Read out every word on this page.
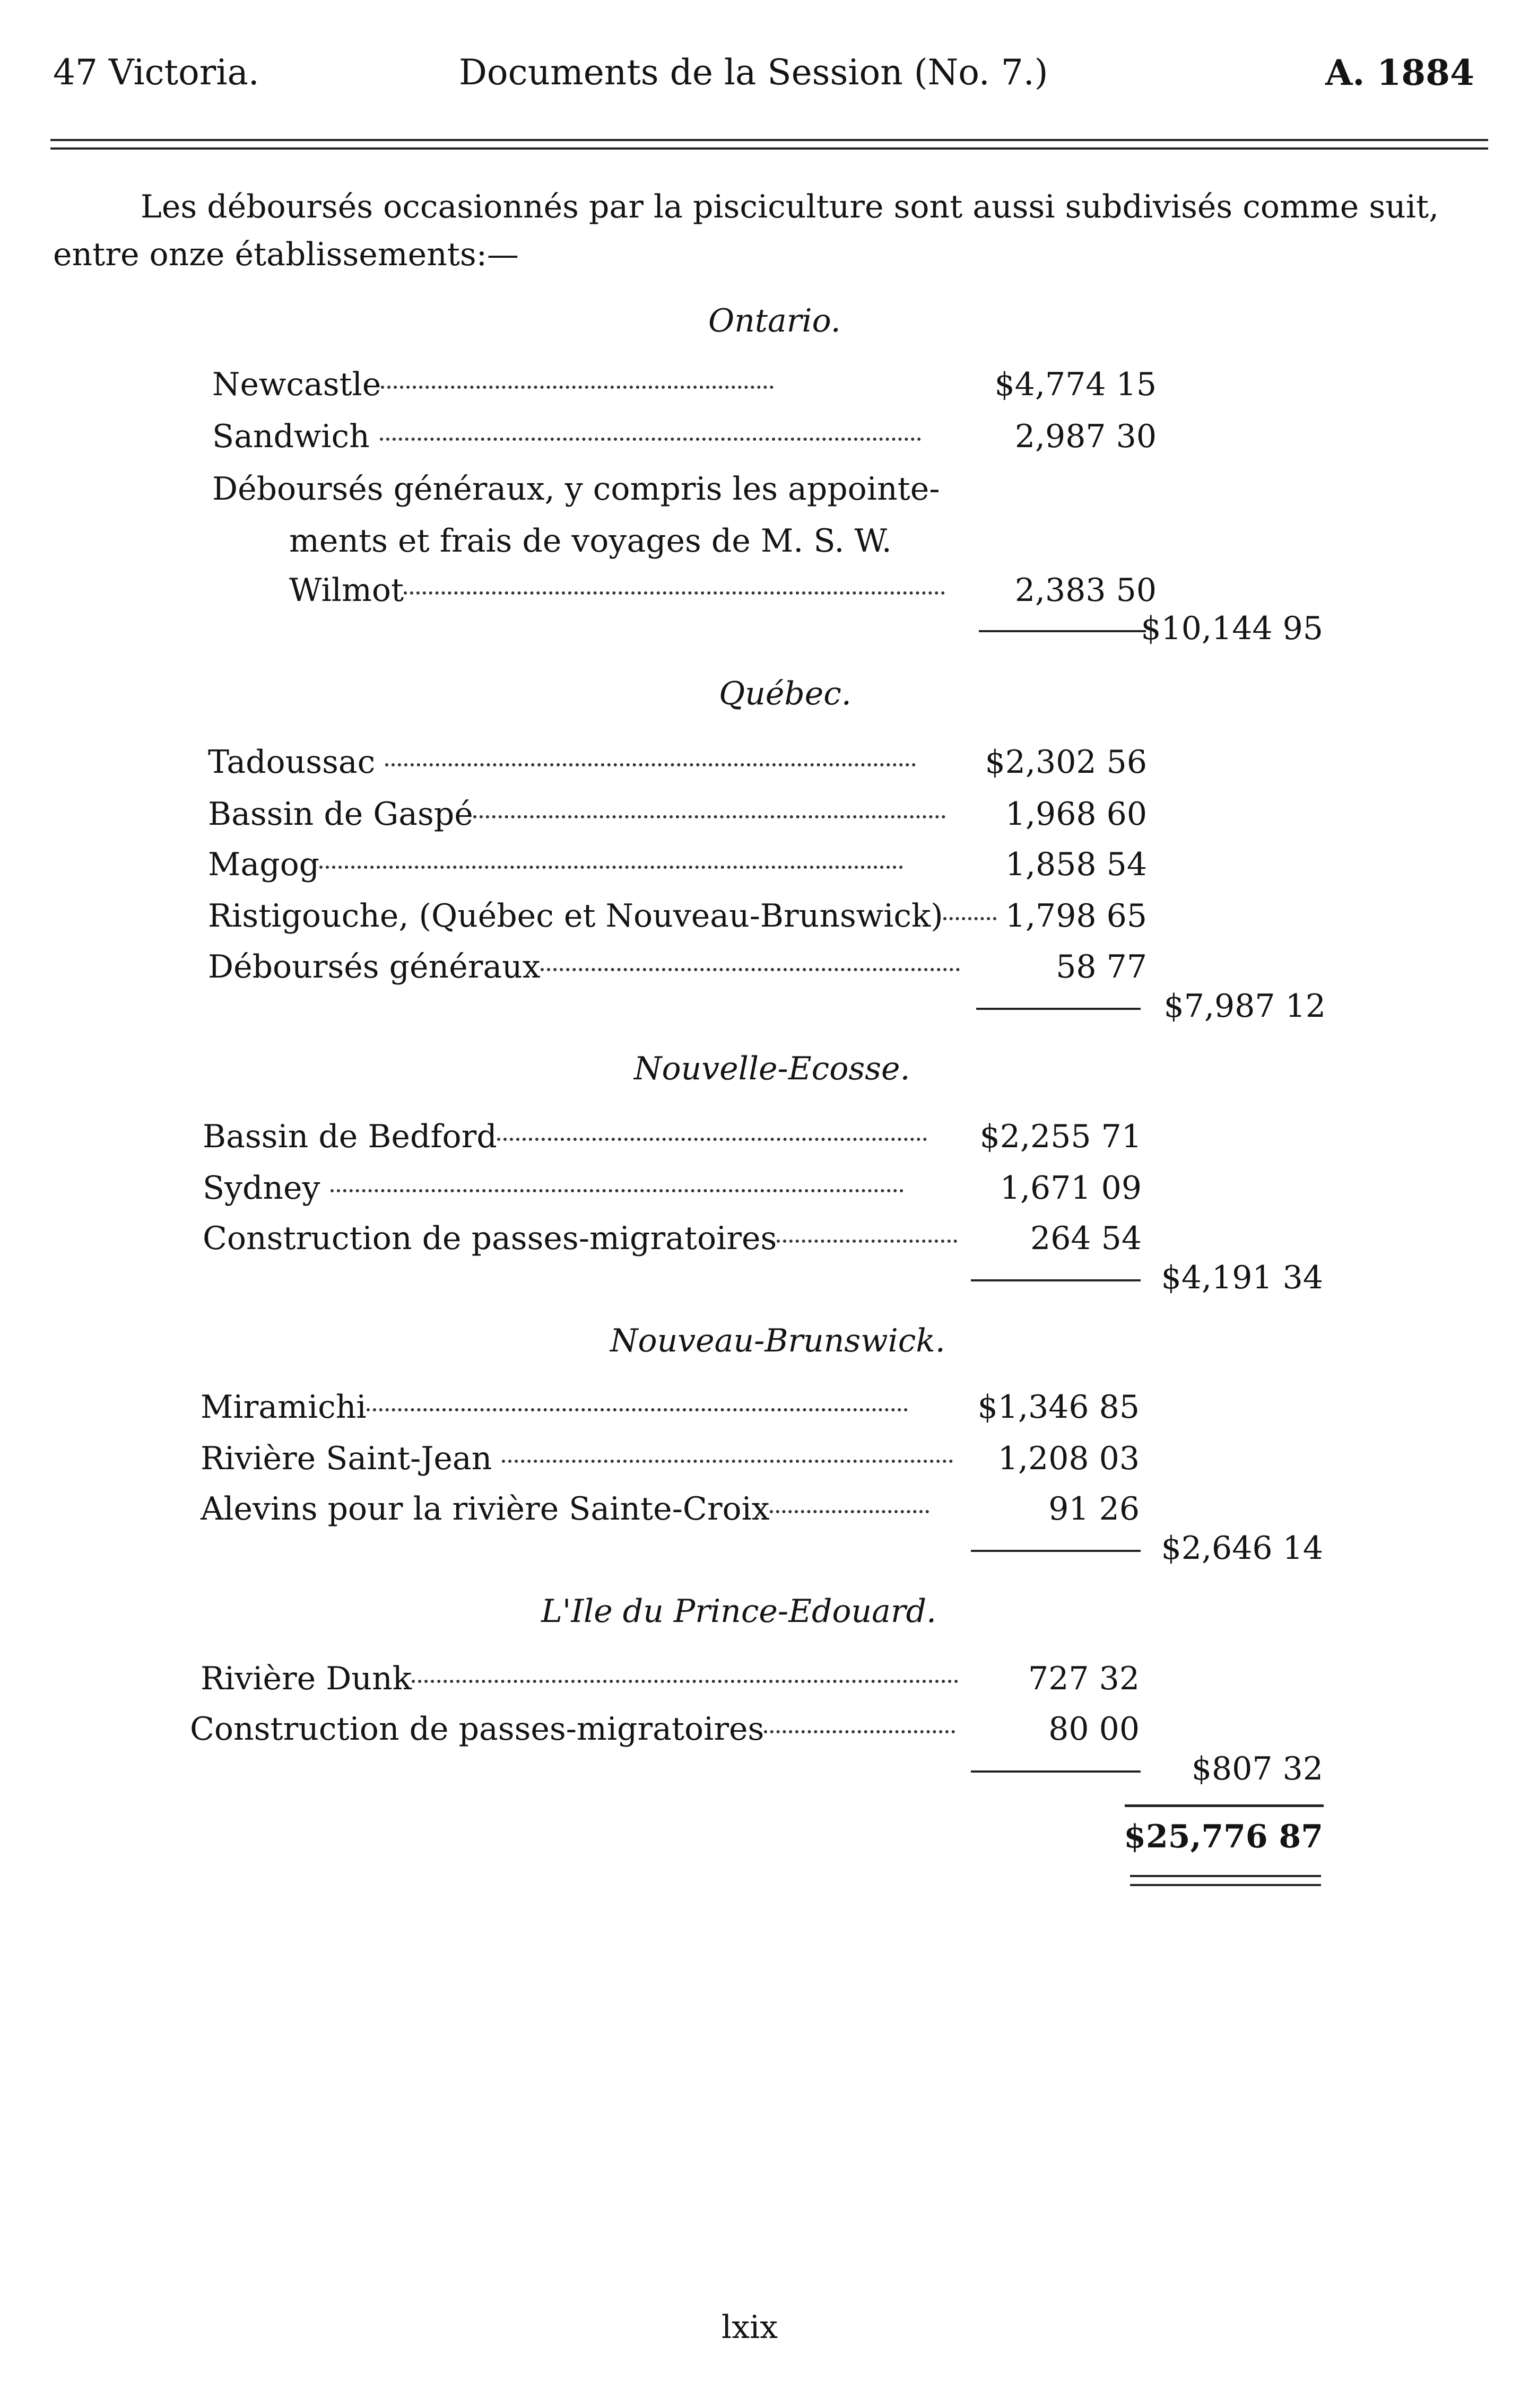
47 Victoria.	Documents de la Session (No. 7.)	A. 1884
Les déboursés occasionnés par la pisciculture sont aussi subdivisés comme suit,
entre onze établissements:—
Ontario.
Newcastle	$4,774 15
Sandwich	2,987 30
Déboursés généraux, y compris les appointe-
ments et frais de voyages de M. S. W.
Wilmot	2,383 50
$10,144 95
Québec.
Tadoussac	$2,302 56
Bassin de Gaspé	1,968 60
Magog	1,858 54
Ristigouche, (Québec et Nouveau-Brunswick)	1,798 65
Déboursés généraux	58 77
$7,987 12
Nouvelle-Ecosse.
Bassin de Bedford	$2,255 71
Sydney	1,671 09
Construction de passes-migratoires	264 54
$4,191 34
Nouveau-Brunswick.
Miramichi	$1,346 85
Rivière Saint-Jean	1,208 03
Alevins pour la rivière Sainte-Croix	91 26
$2,646 14
L'Ile du Prince-Edouard.
Rivière Dunk	727 32
Construction de passes-migratoires	80 00
$807 32
$25,776 87
lxix
